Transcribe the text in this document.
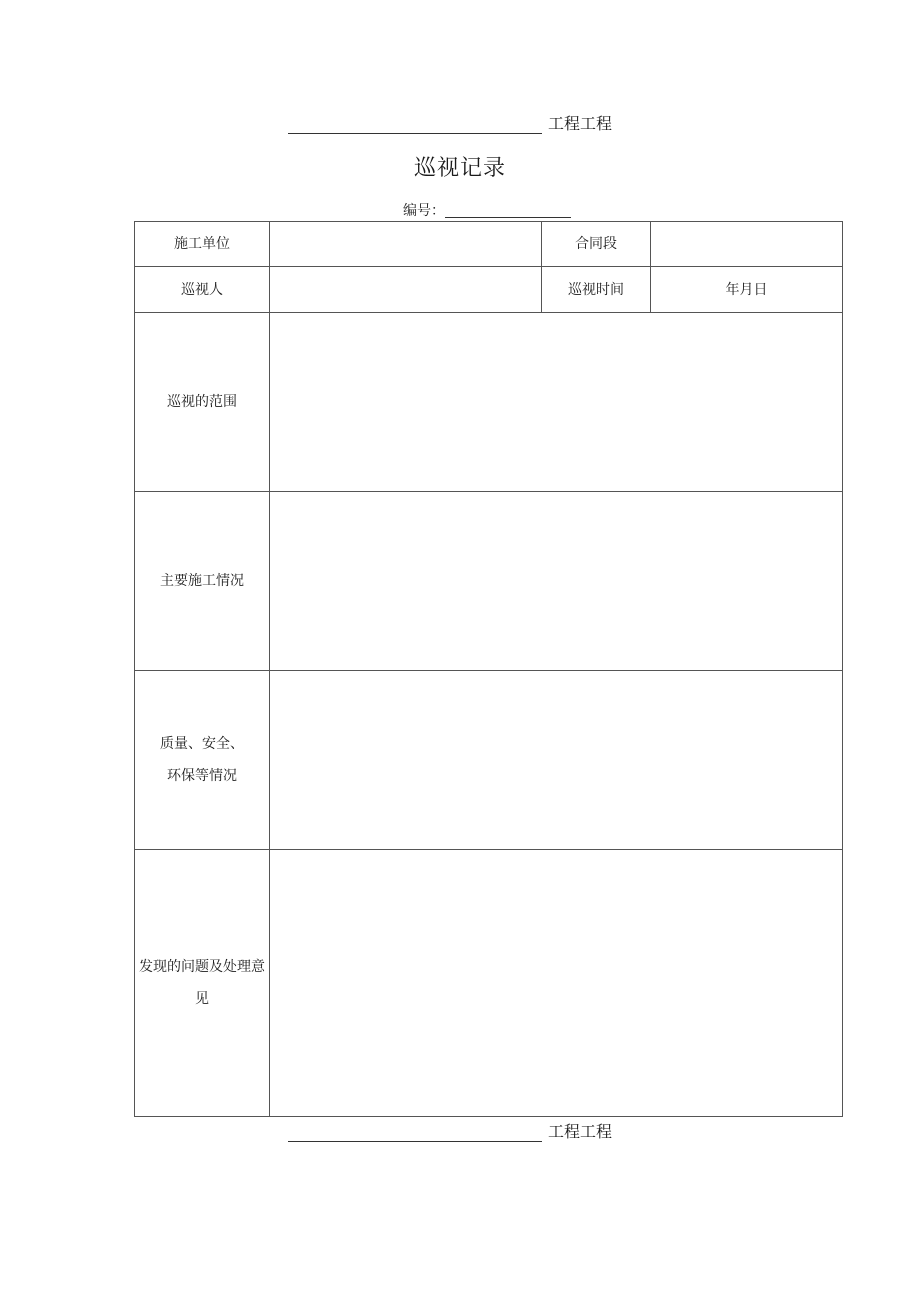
工程工程
巡视记录
编号：
施工单位		合同段	
巡视人		巡视时间	年月日
巡视的范围			
主要施工情况			

质量、安全、
环保等情况			

发现的问题及处理意
见			

工程工程
